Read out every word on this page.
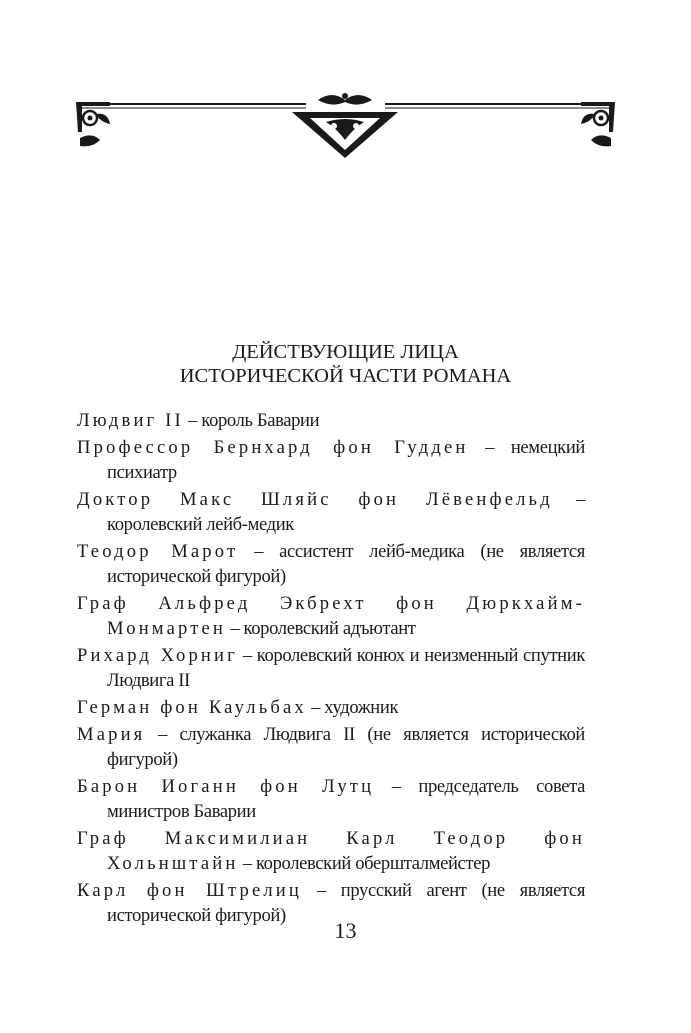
ДЕЙСТВУЮЩИЕ ЛИЦА
ИСТОРИЧЕСКОЙ ЧАСТИ РОМАНА

Людвиг II – король Баварии

Профессор Бернхард фон Гудден – немецкий психиатр

Доктор Макс Шляйс фон Лёвенфельд – королевский лейб-медик

Теодор Марот – ассистент лейб-медика (не является исторической фигурой)

Граф Альфред Экбрехт фон Дюркхайм-Монмартен – королевский адъютант

Рихард Хорниг – королевский конюх и неизменный спутник Людвига II

Герман фон Каульбах – художник

Мария – служанка Людвига II (не является исторической фигурой)

Барон Иоганн фон Лутц – председатель совета министров Баварии

Граф Максимилиан Карл Теодор фон Хольнштайн – королевский обершталмейстер

Карл фон Штрелиц – прусский агент (не является исторической фигурой)

13
